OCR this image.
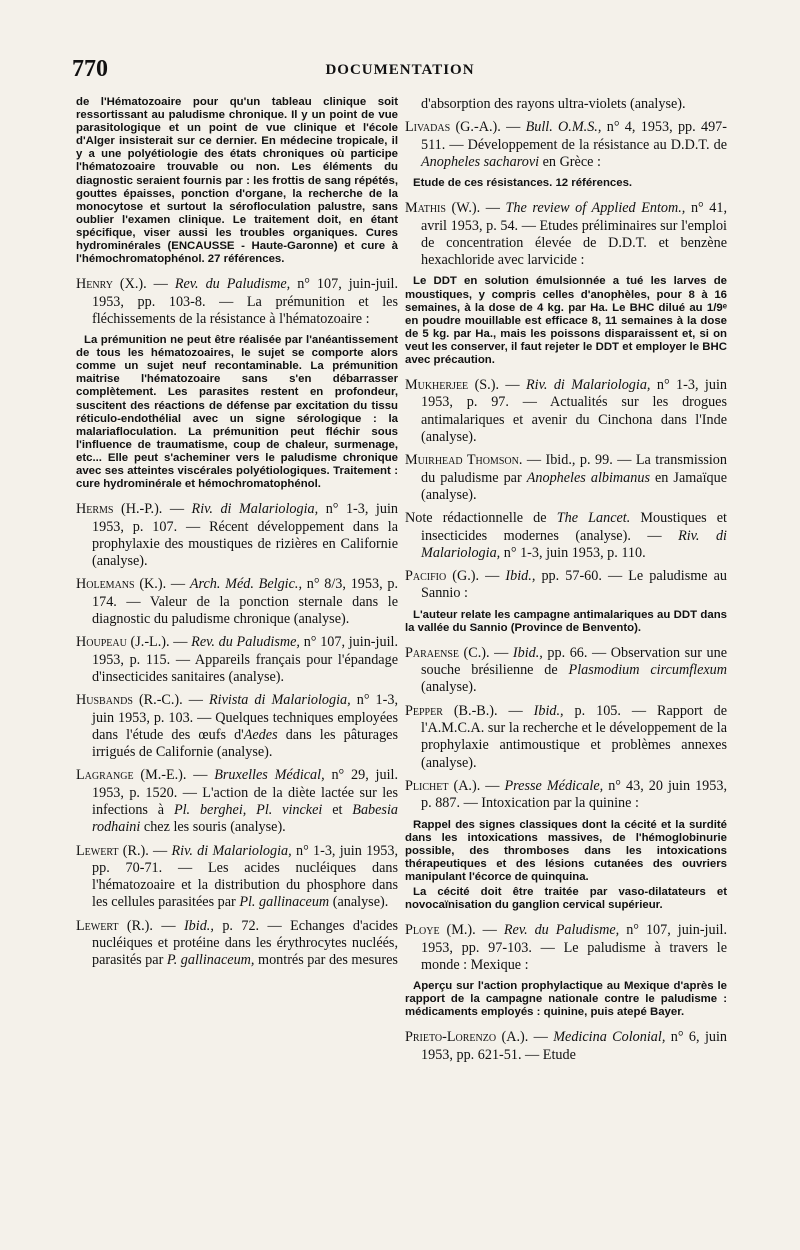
770	DOCUMENTATION

de l'Hématozoaire pour qu'un tableau clinique soit ressortissant au paludisme chronique. Il y un point de vue parasitologique et un point de vue clinique et l'école d'Alger insisterait sur ce dernier. En médecine tropicale, il y a une polyétiologie des états chroniques où participe l'hématozoaire trouvable ou non. Les éléments du diagnostic seraient fournis par : les frottis de sang répétés, gouttes épaisses, ponction d'organe, la recherche de la monocytose et surtout la sérofloculation palustre, sans oublier l'examen clinique. Le traitement doit, en étant spécifique, viser aussi les troubles organiques. Cures hydrominérales (ENCAUSSE - Haute-Garonne) et cure à l'hémochromatophénol. 27 références.

Henry (X.). — Rev. du Paludisme, n° 107, juin-juil. 1953, pp. 103-8. — La prémunition et les fléchissements de la résistance à l'hématozoaire :

La prémunition ne peut être réalisée par l'anéantissement de tous les hématozoaires, le sujet se comporte alors comme un sujet neuf recontaminable. La prémunition maitrise l'hématozoaire sans s'en débarrasser complètement. Les parasites restent en profondeur, suscitent des réactions de défense par excitation du tissu réticulo-endothélial avec un signe sérologique : la malariafloculation. La prémunition peut fléchir sous l'influence de traumatisme, coup de chaleur, surmenage, etc... Elle peut s'acheminer vers le paludisme chronique avec ses atteintes viscérales polyétiologiques. Traitement : cure hydrominérale et hémochromatophénol.

Herms (H.-P.). — Riv. di Malariologia, n° 1-3, juin 1953, p. 107. — Récent développement dans la prophylaxie des moustiques de rizières en Californie (analyse).

Holemans (K.). — Arch. Méd. Belgic., n° 8/3, 1953, p. 174. — Valeur de la ponction sternale dans le diagnostic du paludisme chronique (analyse).

Houpeau (J.-L.). — Rev. du Paludisme, n° 107, juin-juil. 1953, p. 115. — Appareils français pour l'épandage d'insecticides sanitaires (analyse).

Husbands (R.-C.). — Rivista di Malariologia, n° 1-3, juin 1953, p. 103. — Quelques techniques employées dans l'étude des œufs d'Aedes dans les pâturages irrigués de Californie (analyse).

Lagrange (M.-E.). — Bruxelles Médical, n° 29, juil. 1953, p. 1520. — L'action de la diète lactée sur les infections à Pl. berghei, Pl. vinckei et Babesia rodhaini chez les souris (analyse).

Lewert (R.). — Riv. di Malariologia, n° 1-3, juin 1953, pp. 70-71. — Les acides nucléiques dans l'hématozoaire et la distribution du phosphore dans les cellules parasitées par Pl. gallinaceum (analyse).

Lewert (R.). — Ibid., p. 72. — Echanges d'acides nucléiques et protéine dans les érythrocytes nucléés, parasités par P. gallinaceum, montrés par des mesures

d'absorption des rayons ultra-violets (analyse).

Livadas (G.-A.). — Bull. O.M.S., n° 4, 1953, pp. 497-511. — Développement de la résistance au D.D.T. de Anopheles sacharovi en Grèce :

Etude de ces résistances. 12 références.

Mathis (W.). — The review of Applied Entom., n° 41, avril 1953, p. 54. — Etudes préliminaires sur l'emploi de concentration élevée de D.D.T. et benzène hexachloride avec larvicide :

Le DDT en solution émulsionnée a tué les larves de moustiques, y compris celles d'anophèles, pour 8 à 16 semaines, à la dose de 4 kg. par Ha. Le BHC dilué au 1/9ᵉ en poudre mouillable est efficace 8, 11 semaines à la dose de 5 kg. par Ha., mais les poissons disparaissent et, si on veut les conserver, il faut rejeter le DDT et employer le BHC avec précaution.

Mukherjee (S.). — Riv. di Malariologia, n° 1-3, juin 1953, p. 97. — Actualités sur les drogues antimalariques et avenir du Cinchona dans l'Inde (analyse).

Muirhead Thomson. — Ibid., p. 99. — La transmission du paludisme par Anopheles albimanus en Jamaïque (analyse).

Note rédactionnelle de The Lancet. Moustiques et insecticides modernes (analyse). — Riv. di Malariologia, n° 1-3, juin 1953, p. 110.

Pacifio (G.). — Ibid., pp. 57-60. — Le paludisme au Sannio :

L'auteur relate les campagne antimalariques au DDT dans la vallée du Sannio (Province de Benvento).

Paraense (C.). — Ibid., pp. 66. — Observation sur une souche brésilienne de Plasmodium circumflexum (analyse).

Pepper (B.-B.). — Ibid., p. 105. — Rapport de l'A.M.C.A. sur la recherche et le développement de la prophylaxie antimoustique et problèmes annexes (analyse).

Plichet (A.). — Presse Médicale, n° 43, 20 juin 1953, p. 887. — Intoxication par la quinine :

Rappel des signes classiques dont la cécité et la surdité dans les intoxications massives, de l'hémoglobinurie possible, des thromboses dans les intoxications thérapeutiques et des lésions cutanées des ouvriers manipulant l'écorce de quinquina.

La cécité doit être traitée par vaso-dilatateurs et novocaïnisation du ganglion cervical supérieur.

Ploye (M.). — Rev. du Paludisme, n° 107, juin-juil. 1953, pp. 97-103. — Le paludisme à travers le monde : Mexique :

Aperçu sur l'action prophylactique au Mexique d'après le rapport de la campagne nationale contre le paludisme : médicaments employés : quinine, puis atepé Bayer.

Prieto-Lorenzo (A.). — Medicina Colonial, n° 6, juin 1953, pp. 621-51. — Etude
